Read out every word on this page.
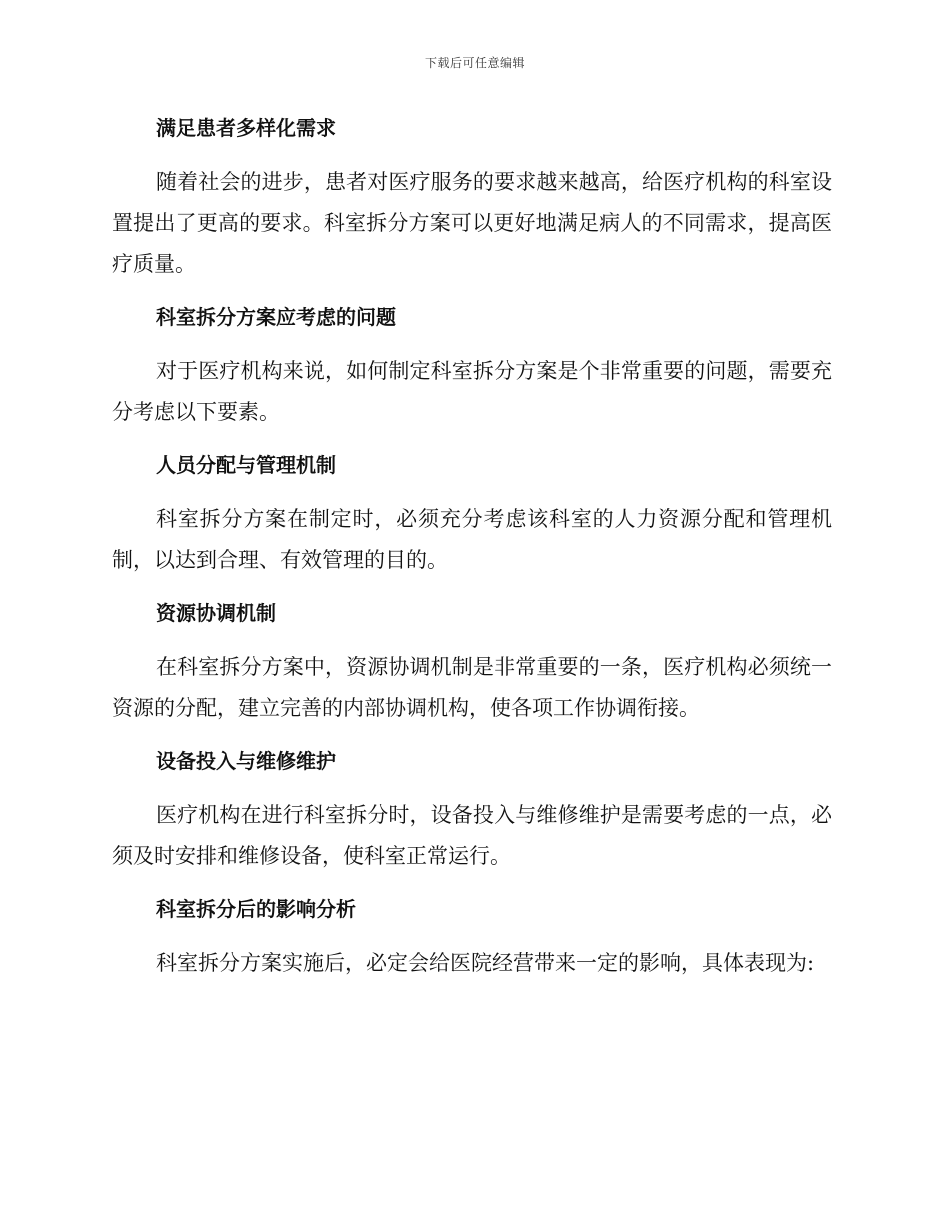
下载后可任意编辑
满足患者多样化需求

随着社会的进步，患者对医疗服务的要求越来越高，给医疗机构的科室设置提出了更高的要求。科室拆分方案可以更好地满足病人的不同需求，提高医疗质量。

科室拆分方案应考虑的问题

对于医疗机构来说，如何制定科室拆分方案是个非常重要的问题，需要充分考虑以下要素。

人员分配与管理机制

科室拆分方案在制定时，必须充分考虑该科室的人力资源分配和管理机制，以达到合理、有效管理的目的。

资源协调机制

在科室拆分方案中，资源协调机制是非常重要的一条，医疗机构必须统一资源的分配，建立完善的内部协调机构，使各项工作协调衔接。

设备投入与维修维护

医疗机构在进行科室拆分时，设备投入与维修维护是需要考虑的一点，必须及时安排和维修设备，使科室正常运行。

科室拆分后的影响分析

科室拆分方案实施后，必定会给医院经营带来一定的影响，具体表现为:
